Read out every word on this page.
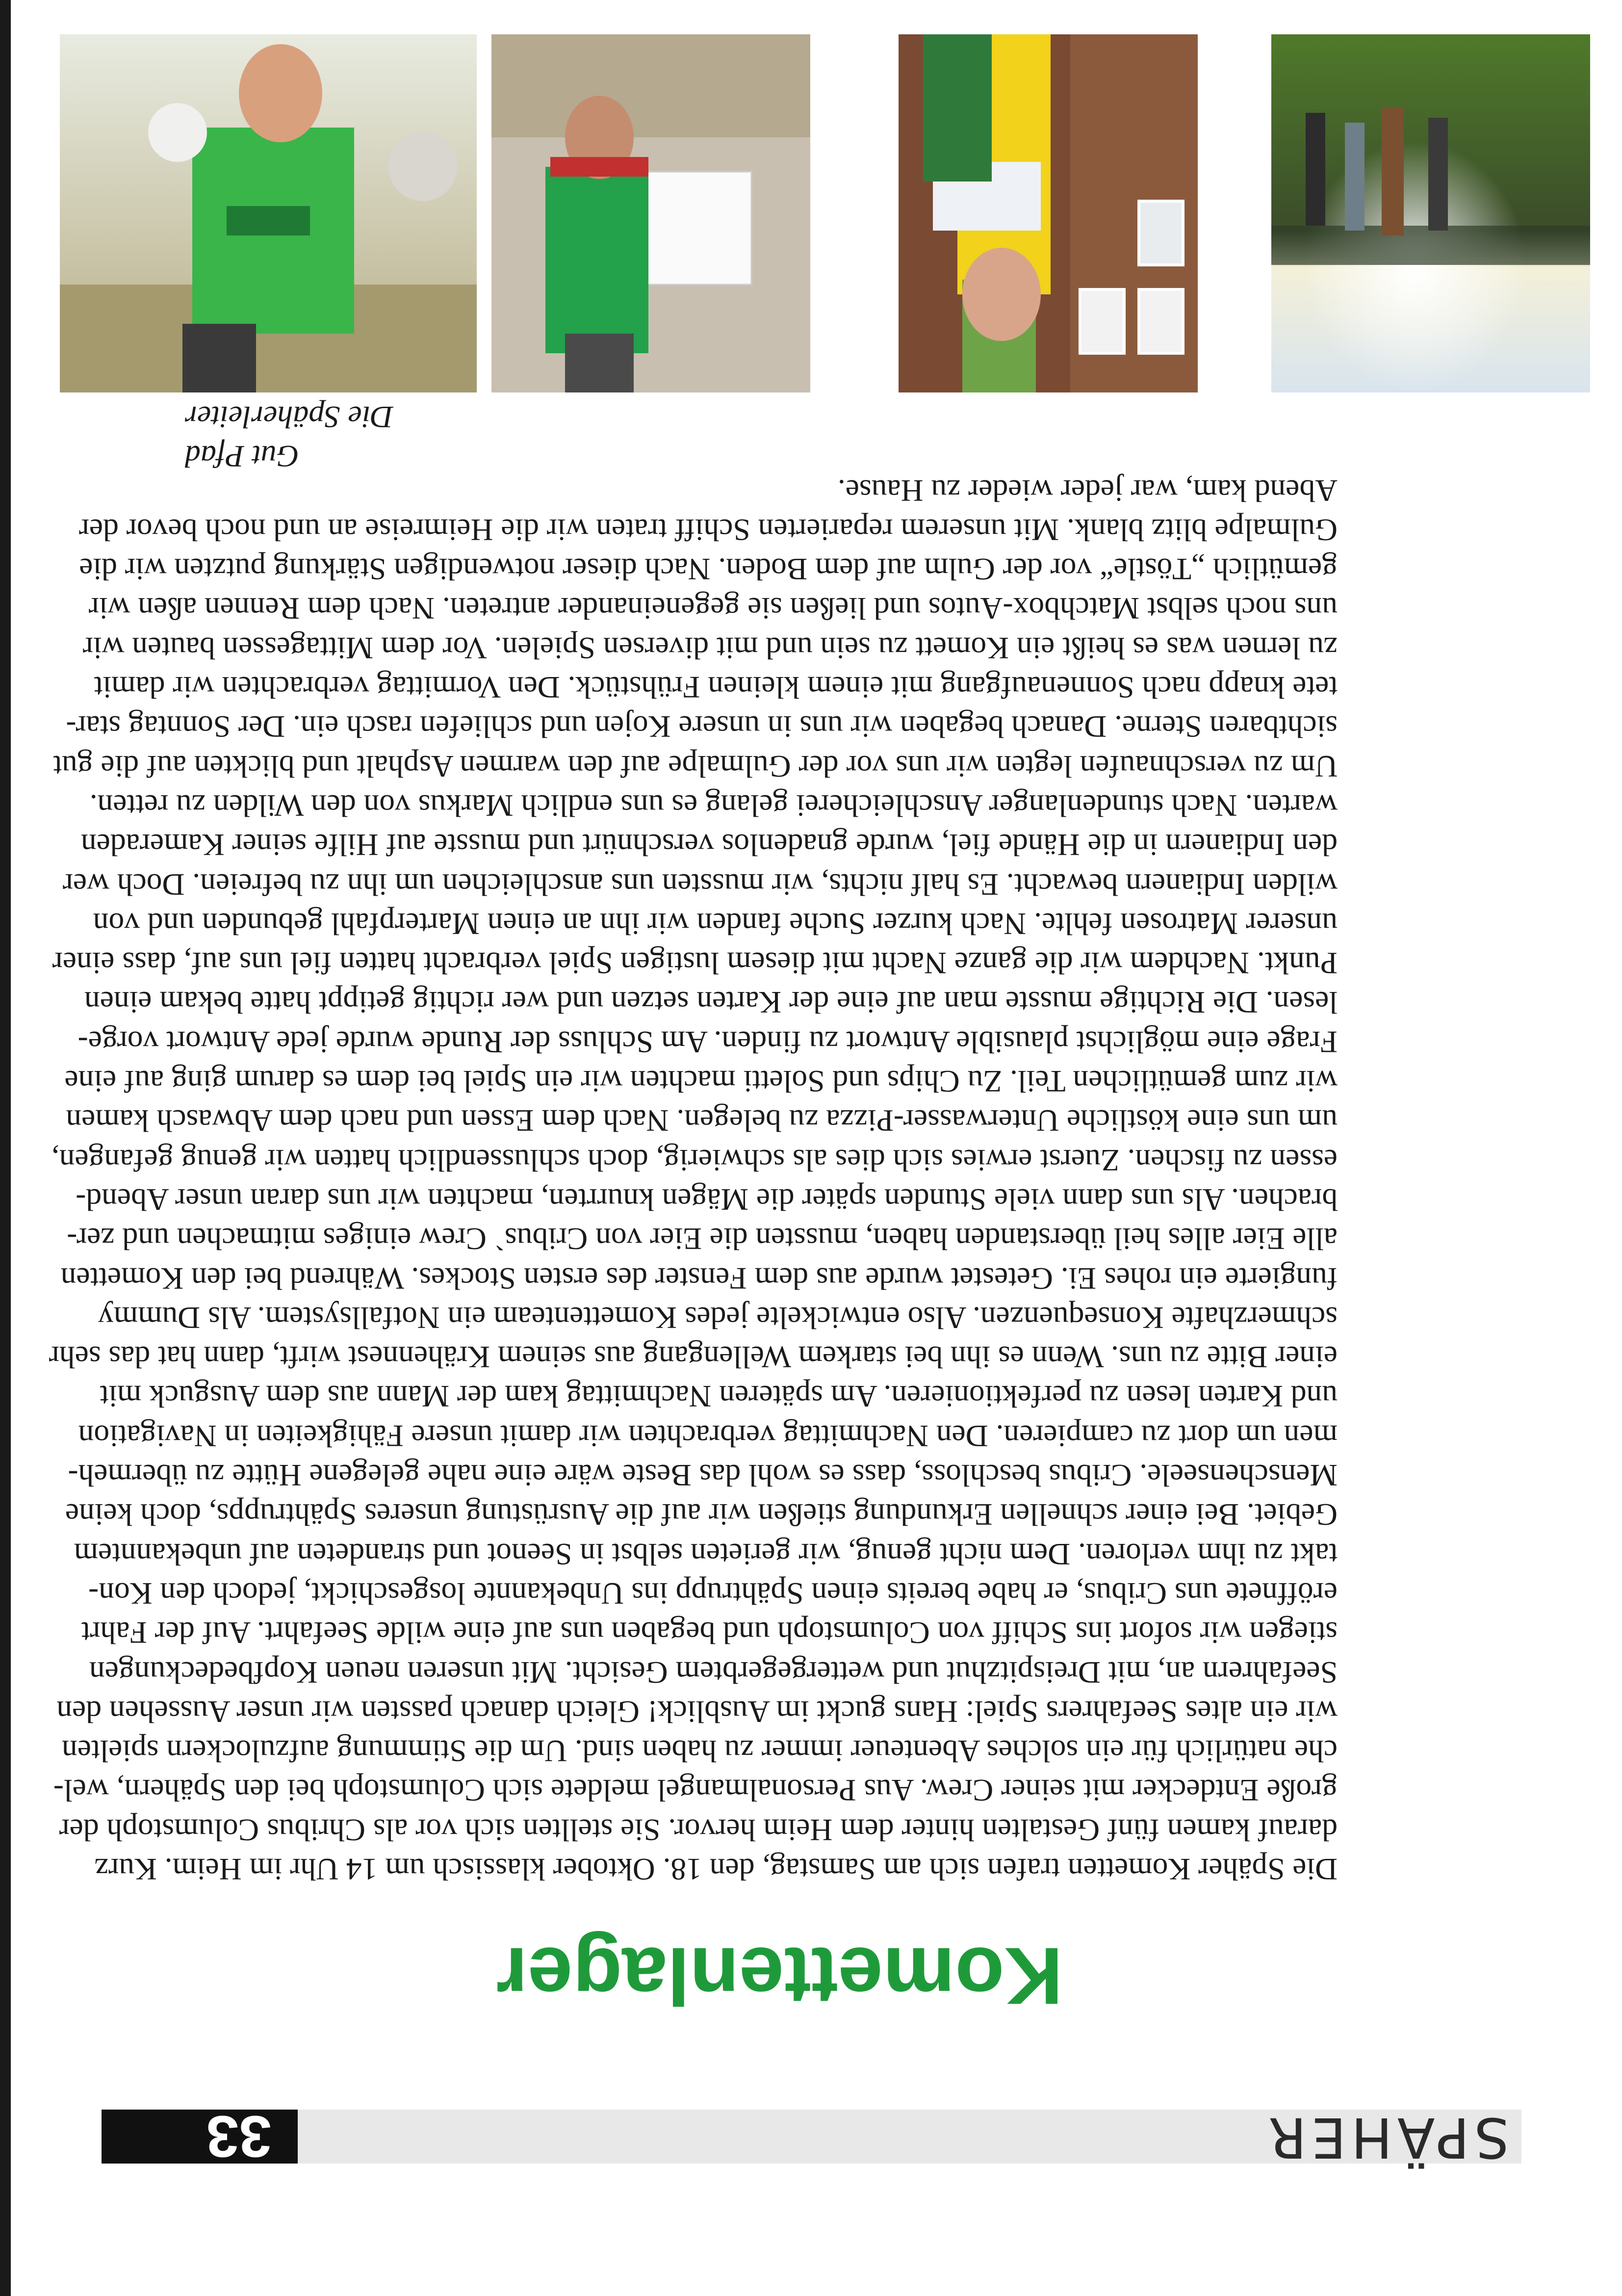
SPÄHER
33
Komettenlager
Die Späher Kometten trafen sich am Samstag, den 18. Oktober klassisch um 14 Uhr im Heim. Kurz
darauf kamen fünf Gestalten hinter dem Heim hervor. Sie stellten sich vor als Chribus Columstoph der
große Entdecker mit seiner Crew. Aus Personalmangel meldete sich Columstoph bei den Spähern, wel-
che natürlich für ein solches Abenteuer immer zu haben sind. Um die Stimmung aufzulockern spielten
wir ein altes Seefahrers Spiel: Hans guckt im Ausblick! Gleich danach passten wir unser Aussehen den
Seefahrern an, mit Dreispitzhut und wettergegerbtem Gesicht. Mit unseren neuen Kopfbedeckungen
stiegen wir sofort ins Schiff von Columstoph und begaben uns auf eine wilde Seefahrt. Auf der Fahrt
eröffnete uns Cribus, er habe bereits einen Spähtrupp ins Unbekannte losgeschickt, jedoch den Kon-
takt zu ihm verloren. Dem nicht genug, wir gerieten selbst in Seenot und strandeten auf unbekanntem
Gebiet. Bei einer schnellen Erkundung stießen wir auf die Ausrüstung unseres Spähtrupps, doch keine
Menschenseele. Cribus beschloss, dass es wohl das Beste wäre eine nahe gelegene Hütte zu übermeh-
men um dort zu campieren. Den Nachmittag verbrachten wir damit unsere Fähigkeiten in Navigation
und Karten lesen zu perfektionieren. Am späteren Nachmittag kam der Mann aus dem Ausguck mit
einer Bitte zu uns. Wenn es ihn bei starkem Wellengang aus seinem Krähennest wirft, dann hat das sehr
schmerzhafte Konsequenzen. Also entwickelte jedes Komettenteam ein Notfallsystem. Als Dummy
fungierte ein rohes Ei. Getestet wurde aus dem Fenster des ersten Stockes. Während bei den Kometten
alle Eier alles heil überstanden haben, mussten die Eier von Cribus` Crew einiges mitmachen und zer-
brachen. Als uns dann viele Stunden später die Mägen knurrten, machten wir uns daran unser Abend-
essen zu fischen. Zuerst erwies sich dies als schwierig, doch schlussendlich hatten wir genug gefangen,
um uns eine köstliche Unterwasser-Pizza zu belegen. Nach dem Essen und nach dem Abwasch kamen
wir zum gemütlichen Teil. Zu Chips und Soletti machten wir ein Spiel bei dem es darum ging auf eine
Frage eine möglichst plausible Antwort zu finden. Am Schluss der Runde wurde jede Antwort vorge-
lesen. Die Richtige musste man auf eine der Karten setzen und wer richtig getippt hatte bekam einen
Punkt. Nachdem wir die ganze Nacht mit diesem lustigen Spiel verbracht hatten fiel uns auf, dass einer
unserer Matrosen fehlte. Nach kurzer Suche fanden wir ihn an einen Marterpfahl gebunden und von
wilden Indianern bewacht. Es half nichts, wir mussten uns anschleichen um ihn zu befreien. Doch wer
den Indianern in die Hände fiel, wurde gnadenlos verschnürt und musste auf Hilfe seiner Kameraden
warten. Nach stundenlanger Anschleicherei gelang es uns endlich Markus von den Wilden zu retten.
Um zu verschnaufen legten wir uns vor der Gulmalpe auf den warmen Asphalt und blickten auf die gut
sichtbaren Sterne. Danach begaben wir uns in unsere Kojen und schliefen rasch ein. Der Sonntag star-
tete knapp nach Sonnenaufgang mit einem kleinen Frühstück. Den Vormittag verbrachten wir damit
zu lernen was es heißt ein Komett zu sein und mit diversen Spielen. Vor dem Mittagessen bauten wir
uns noch selbst Matchbox-Autos und ließen sie gegeneinander antreten. Nach dem Rennen aßen wir
gemütlich „Töstle“ vor der Gulm auf dem Boden. Nach dieser notwendigen Stärkung putzten wir die
Gulmalpe blitz blank. Mit unserem reparierten Schiff traten wir die Heimreise an und noch bevor der
Abend kam, war jeder wieder zu Hause.
Gut Pfad
Die Späherleiter
